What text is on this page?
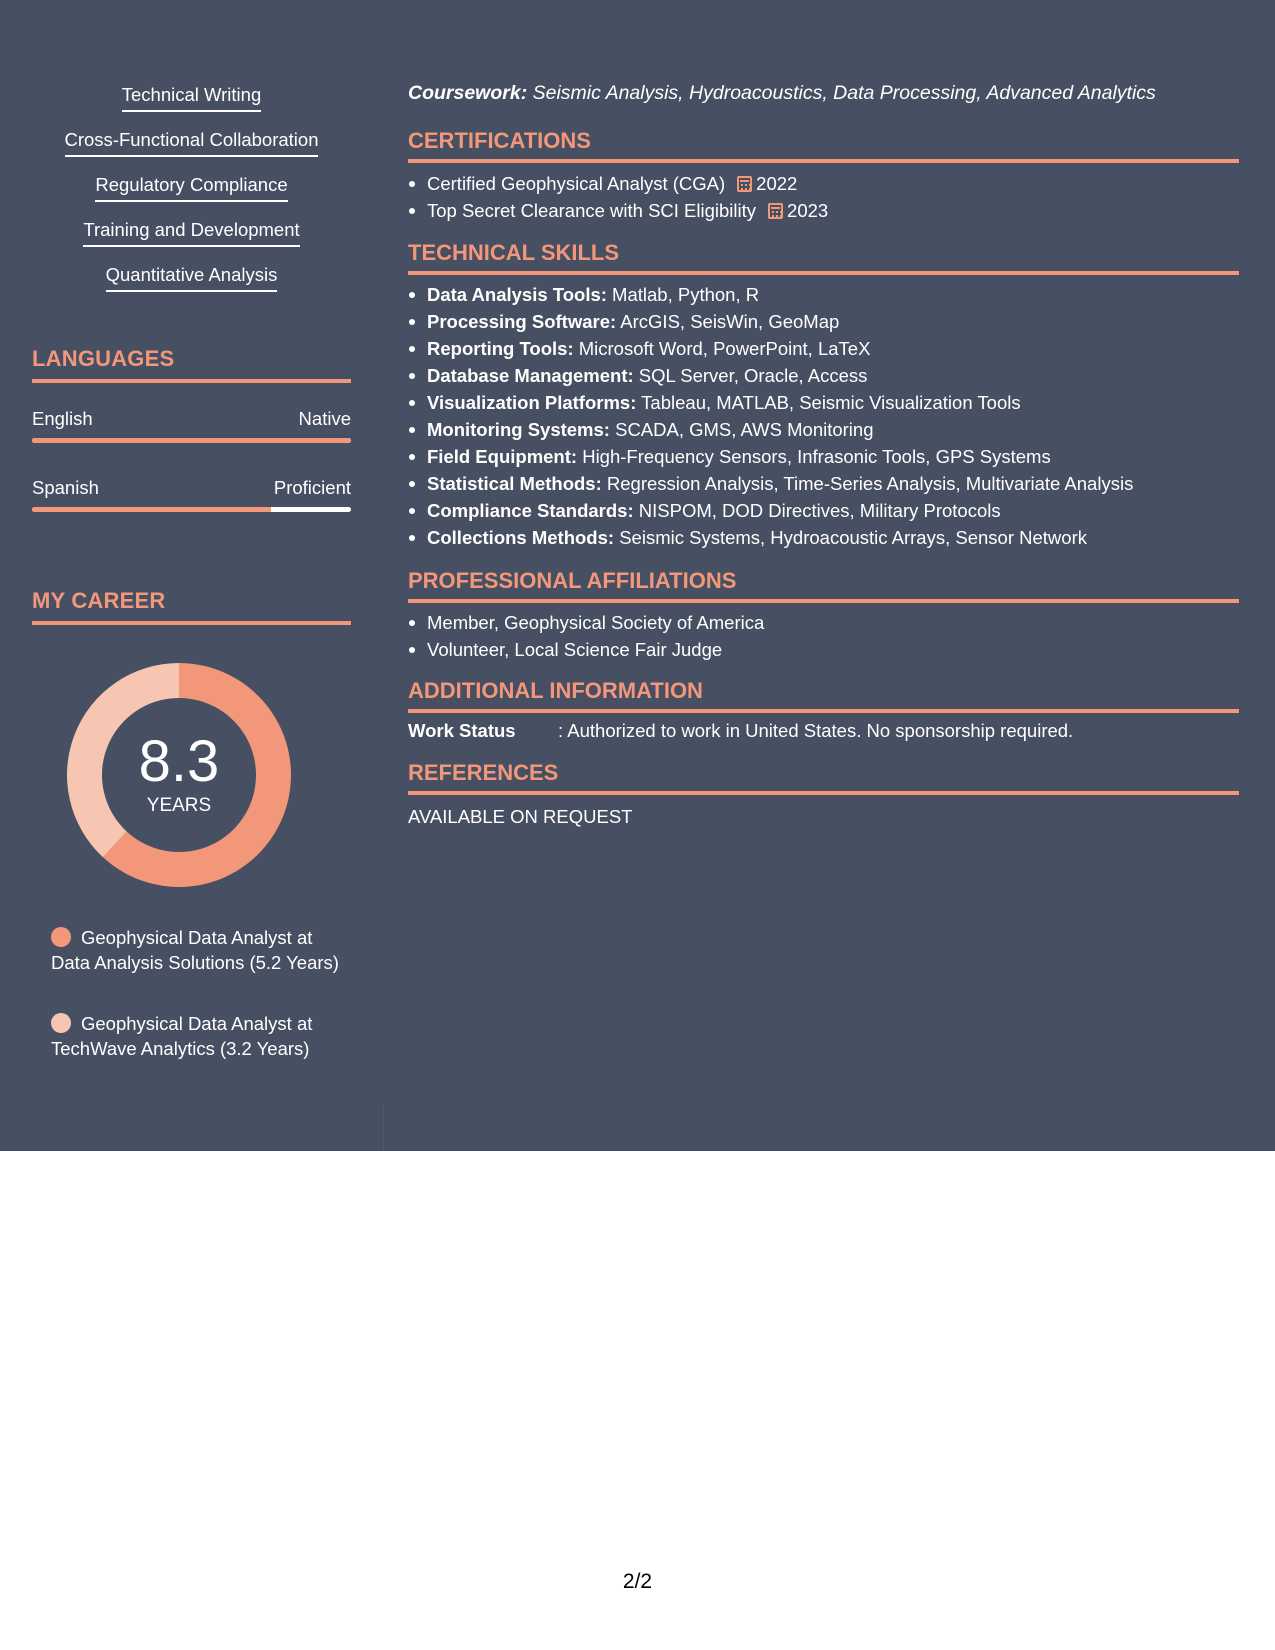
Technical Writing
Cross-Functional Collaboration
Regulatory Compliance
Training and Development
Quantitative Analysis
LANGUAGES
English	Native
Spanish	Proficient
MY CAREER
8.3
YEARS
Geophysical Data Analyst at Data Analysis Solutions (5.2 Years)
Geophysical Data Analyst at TechWave Analytics (3.2 Years)
Coursework: Seismic Analysis, Hydroacoustics, Data Processing, Advanced Analytics
CERTIFICATIONS
Certified Geophysical Analyst (CGA) 2022
Top Secret Clearance with SCI Eligibility 2023
TECHNICAL SKILLS
Data Analysis Tools: Matlab, Python, R
Processing Software: ArcGIS, SeisWin, GeoMap
Reporting Tools: Microsoft Word, PowerPoint, LaTeX
Database Management: SQL Server, Oracle, Access
Visualization Platforms: Tableau, MATLAB, Seismic Visualization Tools
Monitoring Systems: SCADA, GMS, AWS Monitoring
Field Equipment: High-Frequency Sensors, Infrasonic Tools, GPS Systems
Statistical Methods: Regression Analysis, Time-Series Analysis, Multivariate Analysis
Compliance Standards: NISPOM, DOD Directives, Military Protocols
Collections Methods: Seismic Systems, Hydroacoustic Arrays, Sensor Network
PROFESSIONAL AFFILIATIONS
Member, Geophysical Society of America
Volunteer, Local Science Fair Judge
ADDITIONAL INFORMATION
Work Status : Authorized to work in United States. No sponsorship required.
REFERENCES
AVAILABLE ON REQUEST
2/2
